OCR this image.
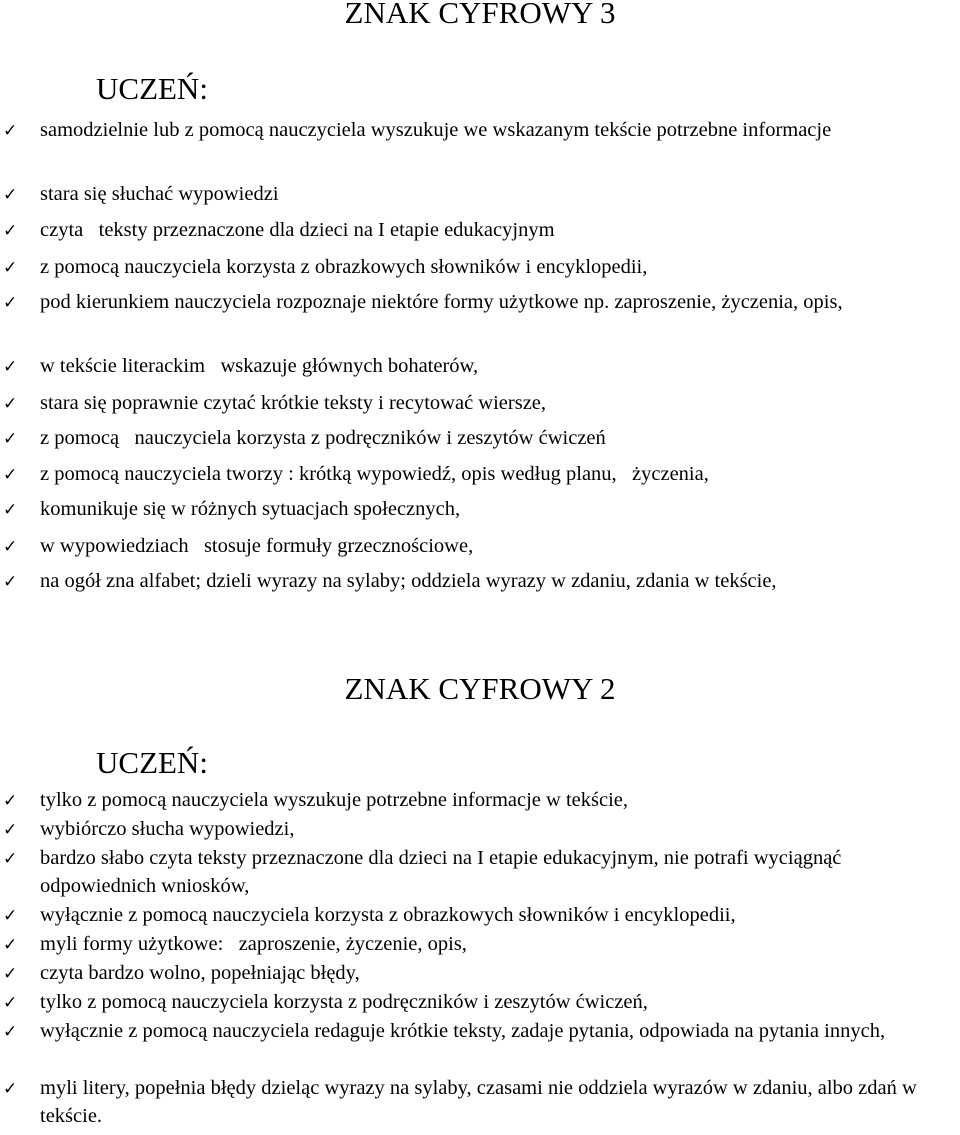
ZNAK CYFROWY 3
UCZEŃ:
✓ samodzielnie lub z pomocą nauczyciela wyszukuje we wskazanym tekście potrzebne informacje
✓ stara się słuchać wypowiedzi
✓ czyta   teksty przeznaczone dla dzieci na I etapie edukacyjnym
✓ z pomocą nauczyciela korzysta z obrazkowych słowników i encyklopedii,
✓ pod kierunkiem nauczyciela rozpoznaje niektóre formy użytkowe np. zaproszenie, życzenia, opis,
✓ w tekście literackim   wskazuje głównych bohaterów,
✓ stara się poprawnie czytać krótkie teksty i recytować wiersze,
✓ z pomocą   nauczyciela korzysta z podręczników i zeszytów ćwiczeń
✓ z pomocą nauczyciela tworzy : krótką wypowiedź, opis według planu,   życzenia,
✓ komunikuje się w różnych sytuacjach społecznych,
✓ w wypowiedziach   stosuje formuły grzecznościowe,
✓ na ogół zna alfabet; dzieli wyrazy na sylaby; oddziela wyrazy w zdaniu, zdania w tekście,
ZNAK CYFROWY 2
UCZEŃ:
✓ tylko z pomocą nauczyciela wyszukuje potrzebne informacje w tekście,
✓ wybiórczo słucha wypowiedzi,
✓ bardzo słabo czyta teksty przeznaczone dla dzieci na I etapie edukacyjnym, nie potrafi wyciągnąć odpowiednich wniosków,
✓ wyłącznie z pomocą nauczyciela korzysta z obrazkowych słowników i encyklopedii,
✓ myli formy użytkowe:   zaproszenie, życzenie, opis,
✓ czyta bardzo wolno, popełniając błędy,
✓ tylko z pomocą nauczyciela korzysta z podręczników i zeszytów ćwiczeń,
✓ wyłącznie z pomocą nauczyciela redaguje krótkie teksty, zadaje pytania, odpowiada na pytania innych,
✓ myli litery, popełnia błędy dzieląc wyrazy na sylaby, czasami nie oddziela wyrazów w zdaniu, albo zdań w tekście.
